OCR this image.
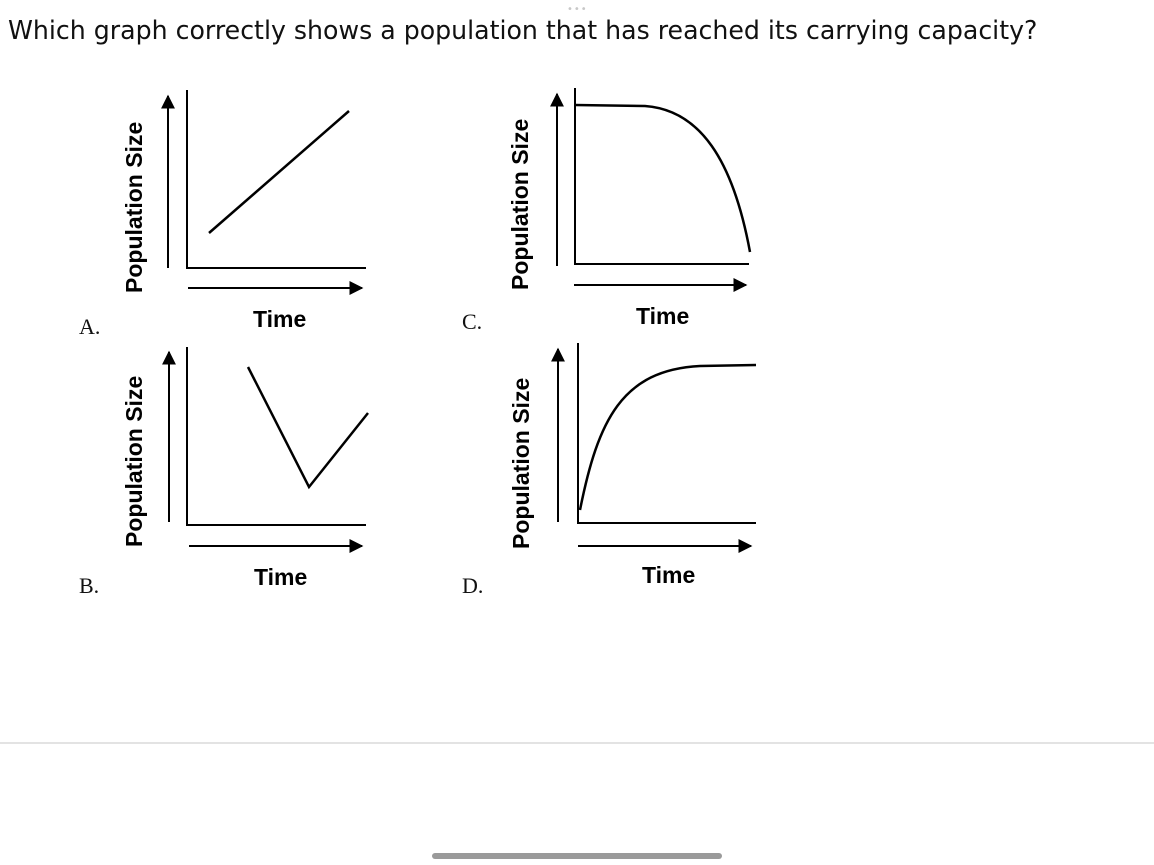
•••
Which graph correctly shows a population that has reached its carrying capacity?
Population Size	Population Size
Population Size	Population Size
Time	Time
Time	Time
A.	C.
B.	D.
